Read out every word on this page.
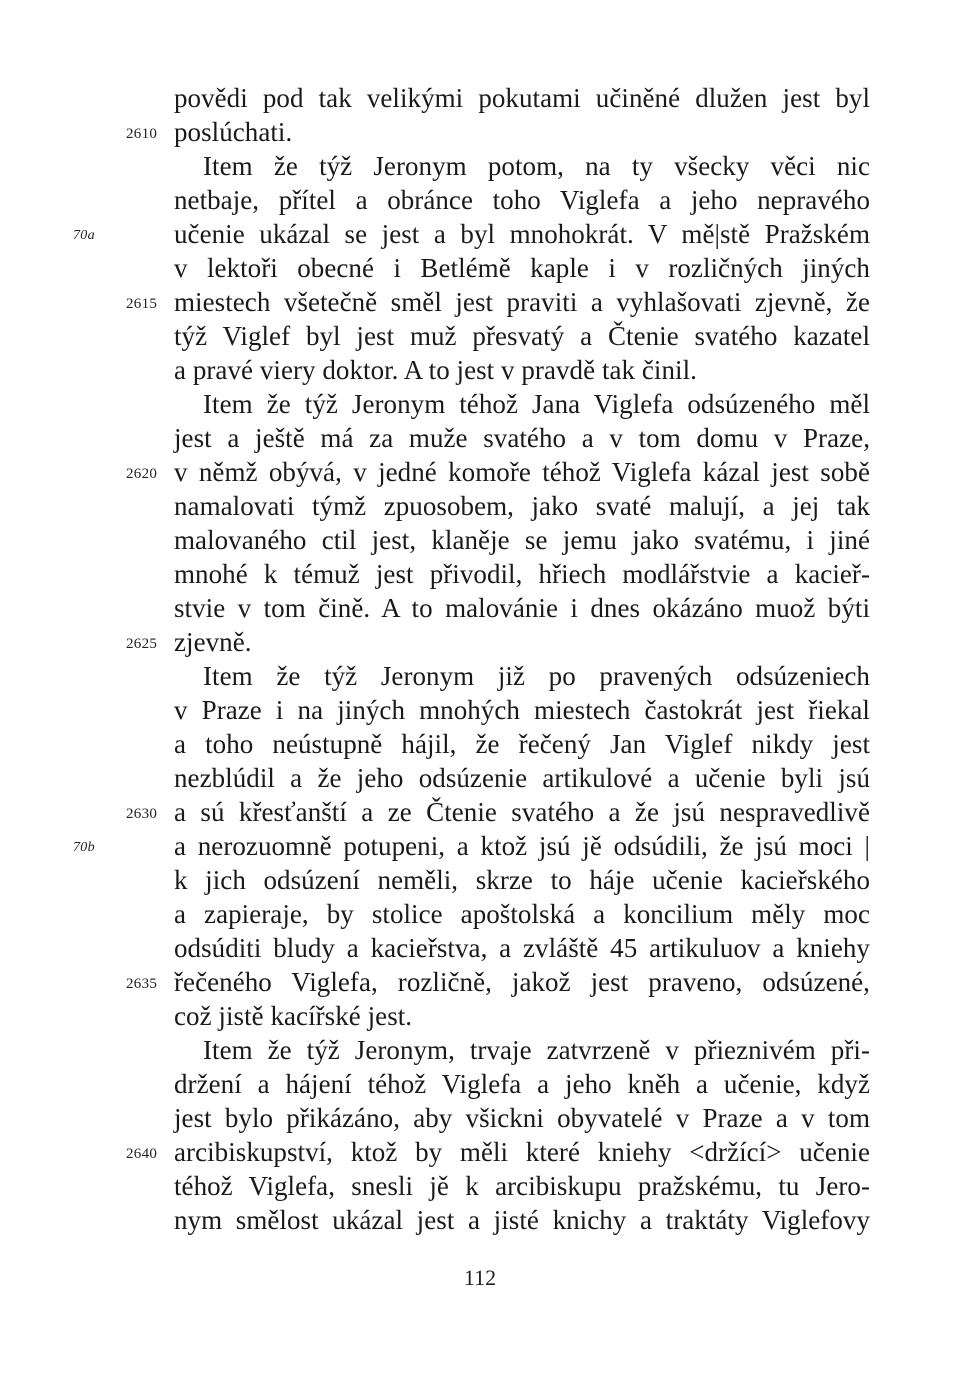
povědi pod tak velikými pokutami učiněné dlužen jest byl
poslúchati.
Item že týž Jeronym potom, na ty všecky věci nic
netbaje, přítel a obránce toho Viglefa a jeho nepravého
učenie ukázal se jest a byl mnohokrát. V mě|stě Pražském
v lektoři obecné i Betlémě kaple i v rozličných jiných
miestech všetečně směl jest praviti a vyhlašovati zjevně, že
týž Viglef byl jest muž přesvatý a Čtenie svatého kazatel
a pravé viery doktor. A to jest v pravdě tak činil.
Item že týž Jeronym téhož Jana Viglefa odsúzeného měl
jest a ještě má za muže svatého a v tom domu v Praze,
v němž obývá, v jedné komoře téhož Viglefa kázal jest sobě
namalovati týmž zpuosobem, jako svaté malují, a jej tak
malovaného ctil jest, klaněje se jemu jako svatému, i jiné
mnohé k témuž jest přivodil, hřiech modlářstvie a kacieř-
stvie v tom čině. A to malovánie i dnes okázáno muož býti
zjevně.
Item že týž Jeronym již po pravených odsúzeniech
v Praze i na jiných mnohých miestech častokrát jest řiekal
a toho neústupně hájil, že řečený Jan Viglef nikdy jest
nezblúdil a že jeho odsúzenie artikulové a učenie byli jsú
a sú křesťanští a ze Čtenie svatého a že jsú nespravedlivě
a nerozuomně potupeni, a ktož jsú jě odsúdili, že jsú moci |
k jich odsúzení neměli, skrze to háje učenie kacieřského
a zapieraje, by stolice apoštolská a koncilium měly moc
odsúditi bludy a kacieřstva, a zvláště 45 artikuluov a kniehy
řečeného Viglefa, rozličně, jakož jest praveno, odsúzené,
což jistě kacířské jest.
Item že týž Jeronym, trvaje zatvrzeně v přieznivém při-
držení a hájení téhož Viglefa a jeho kněh a učenie, když
jest bylo přikázáno, aby všickni obyvatelé v Praze a v tom
arcibiskupství, ktož by měli které kniehy <držící> učenie
téhož Viglefa, snesli jě k arcibiskupu pražskému, tu Jero-
nym smělost ukázal jest a jisté knichy a traktáty Viglefovy
2610
2615
2620
2625
2630
2635
2640
70a
70b
112
